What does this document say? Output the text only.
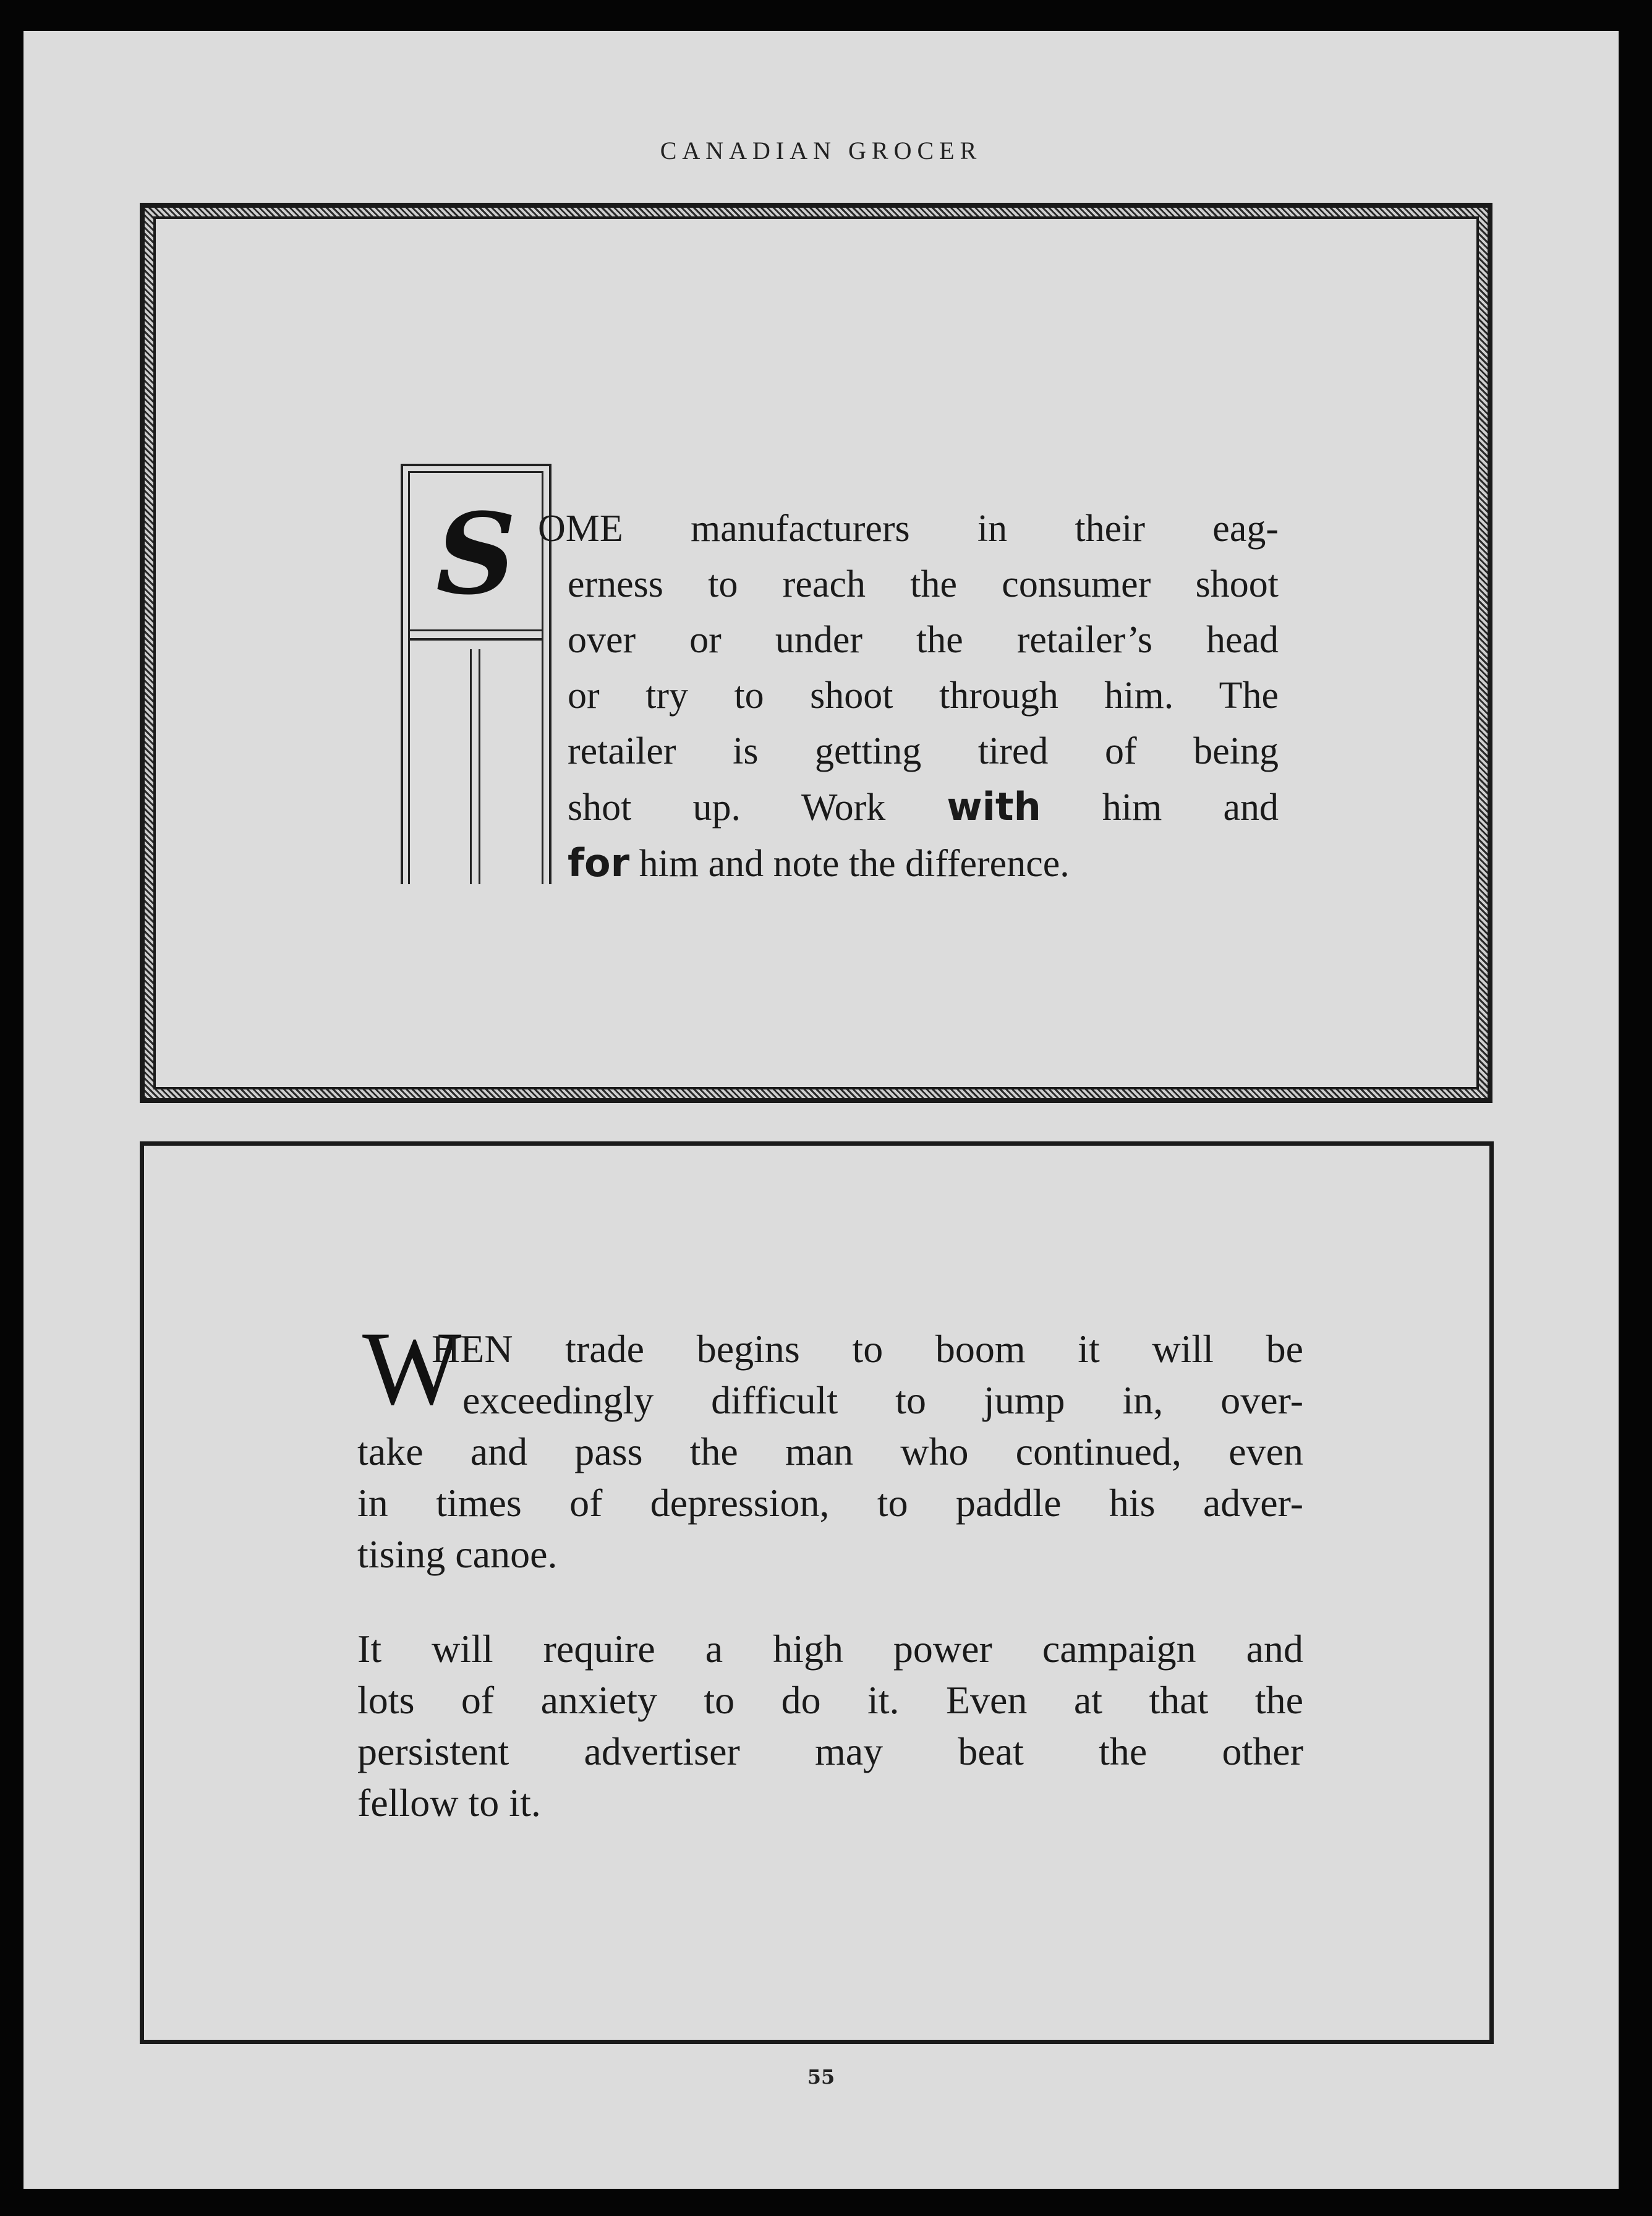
CANADIAN GROCER
S OME manufacturers in their eag-
erness to reach the consumer shoot
over or under the retailer’s head
or try to shoot through him. The
retailer is getting tired of being
shot up. Work with him and
for him and note the difference.
W
HEN trade begins to boom it will be
exceedingly difficult to jump in, over-
take and pass the man who continued, even
in times of depression, to paddle his adver-
tising canoe.
It will require a high power campaign and
lots of anxiety to do it. Even at that the
persistent advertiser may beat the other
fellow to it.
55
